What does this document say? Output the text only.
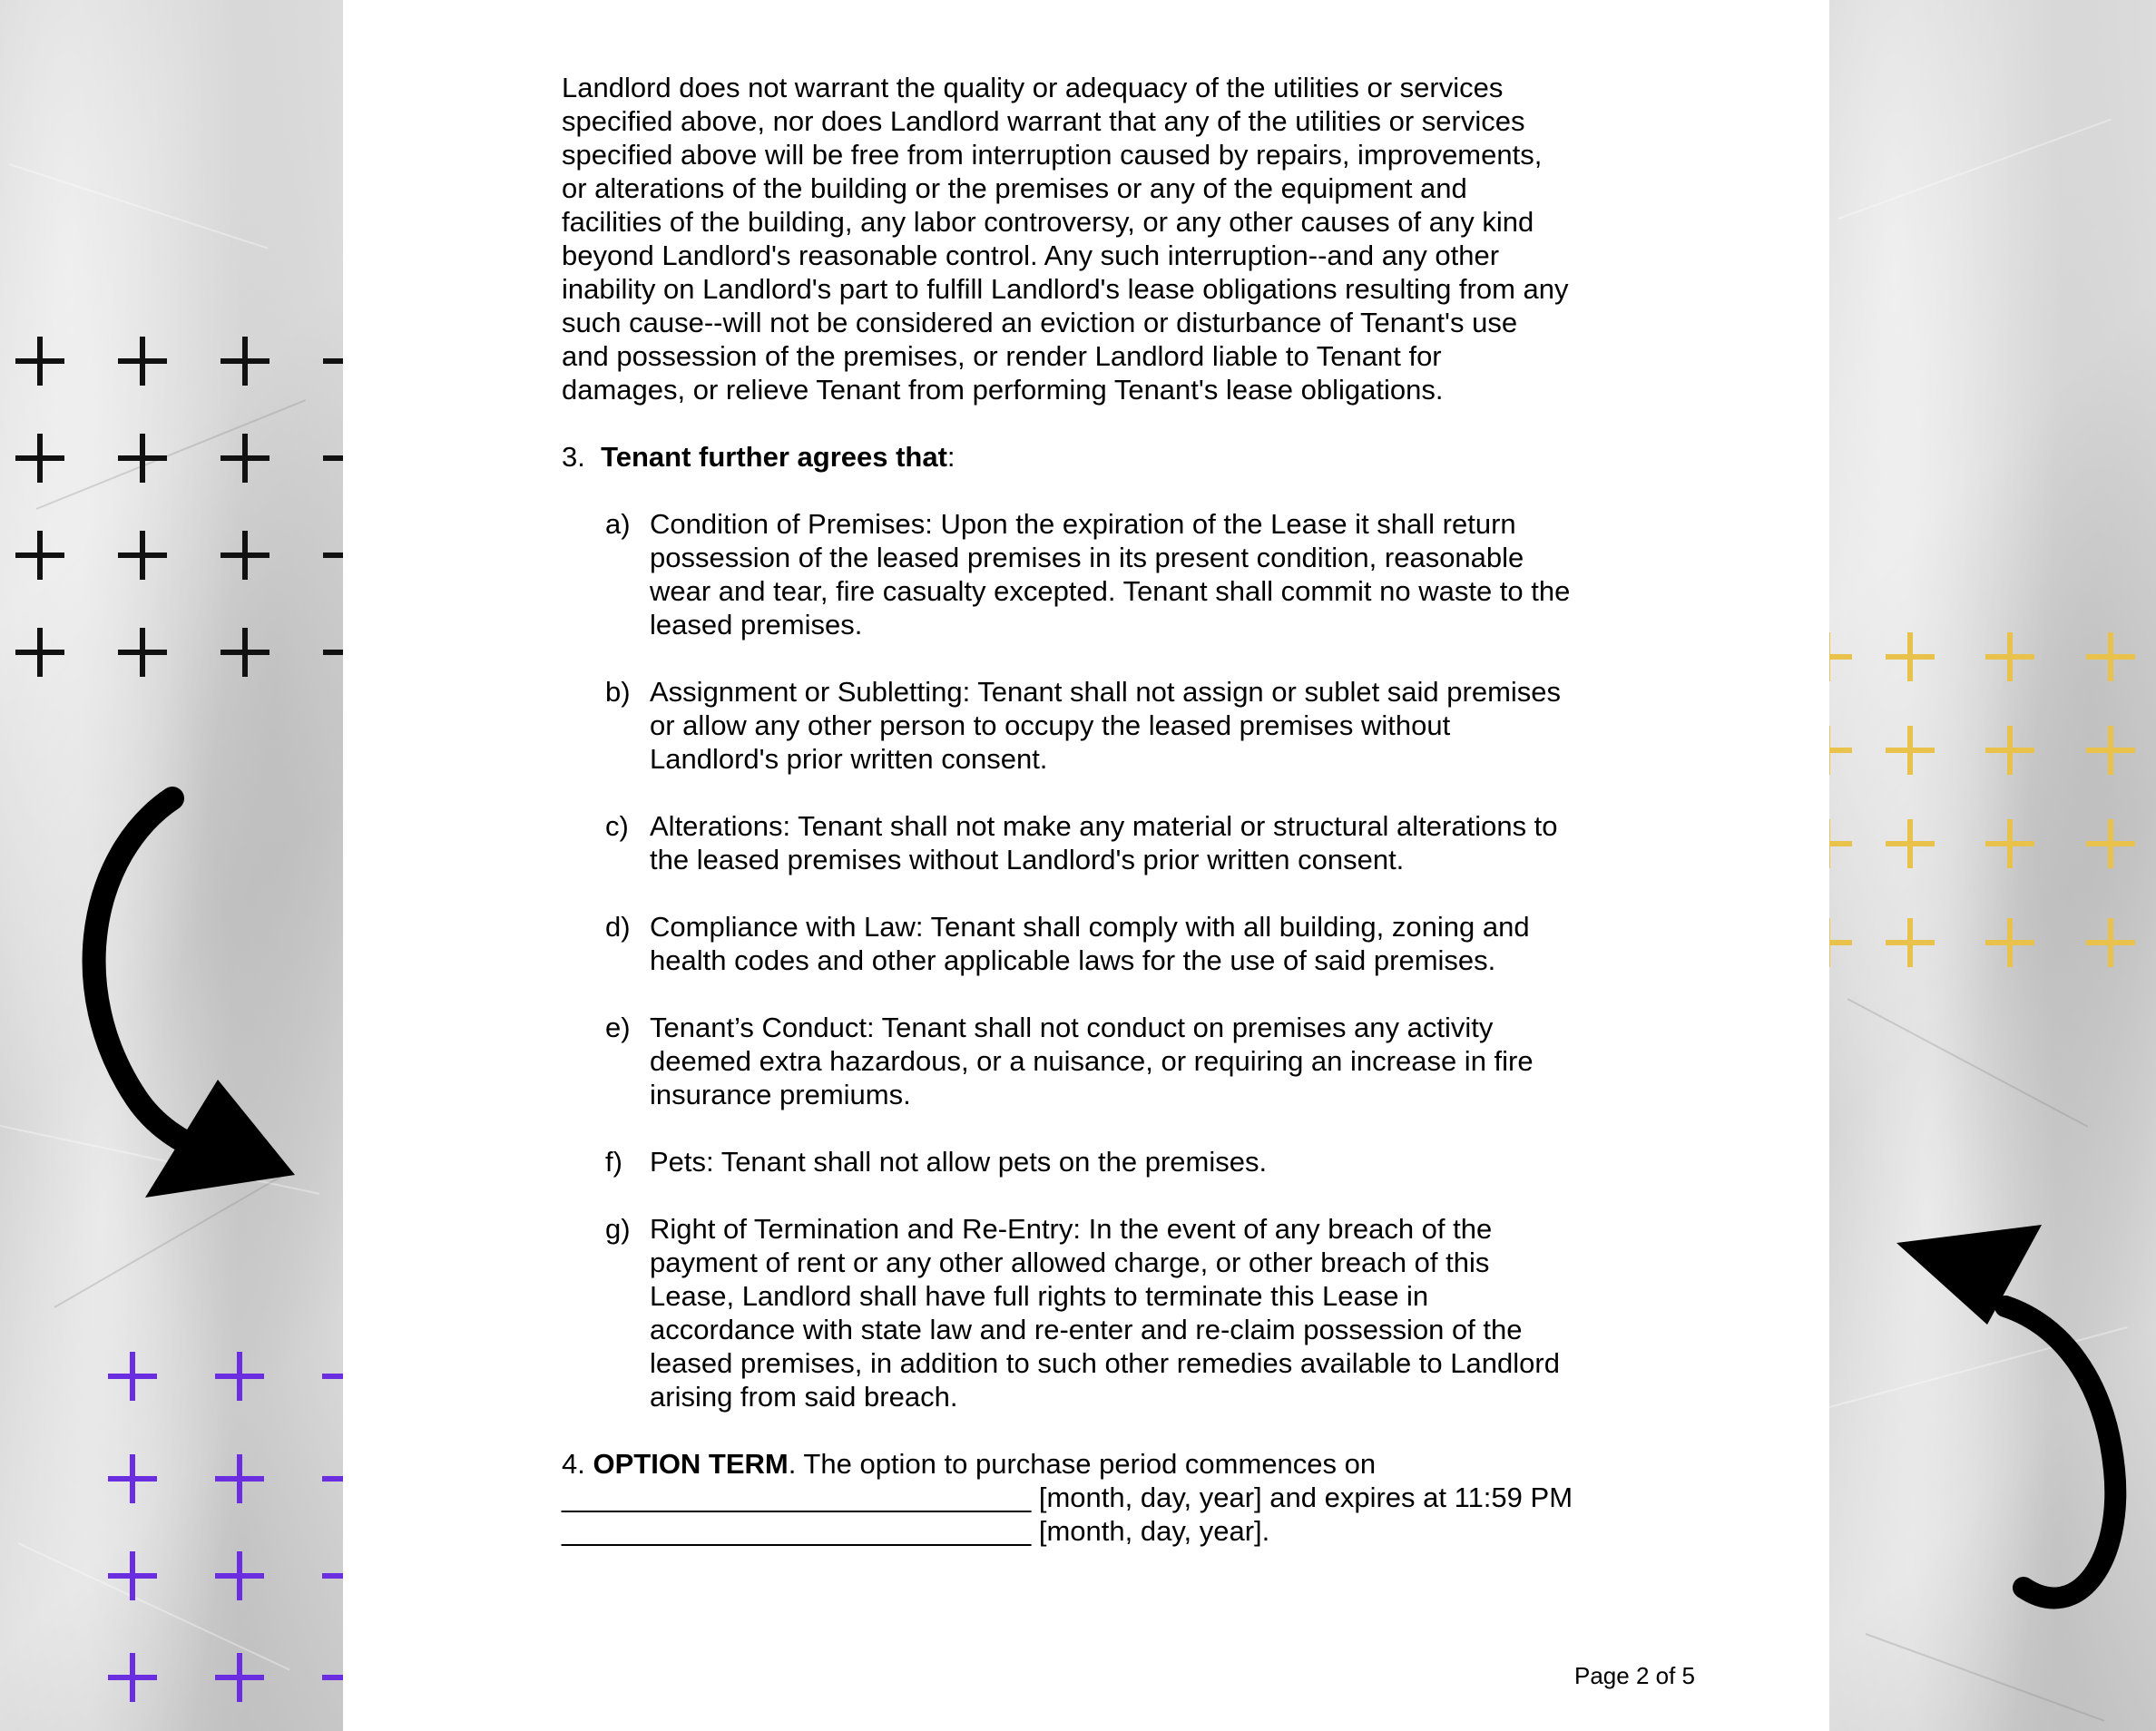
Landlord does not warrant the quality or adequacy of the utilities or services
specified above, nor does Landlord warrant that any of the utilities or services
specified above will be free from interruption caused by repairs, improvements,
or alterations of the building or the premises or any of the equipment and
facilities of the building, any labor controversy, or any other causes of any kind
beyond Landlord's reasonable control. Any such interruption--and any other
inability on Landlord's part to fulfill Landlord's lease obligations resulting from any
such cause--will not be considered an eviction or disturbance of Tenant's use
and possession of the premises, or render Landlord liable to Tenant for
damages, or relieve Tenant from performing Tenant's lease obligations.
3. Tenant further agrees that:
a) Condition of Premises: Upon the expiration of the Lease it shall return
possession of the leased premises in its present condition, reasonable
wear and tear, fire casualty excepted. Tenant shall commit no waste to the
leased premises.
b) Assignment or Subletting: Tenant shall not assign or sublet said premises
or allow any other person to occupy the leased premises without
Landlord's prior written consent.
c) Alterations: Tenant shall not make any material or structural alterations to
the leased premises without Landlord's prior written consent.
d) Compliance with Law: Tenant shall comply with all building, zoning and
health codes and other applicable laws for the use of said premises.
e) Tenant’s Conduct: Tenant shall not conduct on premises any activity
deemed extra hazardous, or a nuisance, or requiring an increase in fire
insurance premiums.
f) Pets: Tenant shall not allow pets on the premises.
g) Right of Termination and Re-Entry: In the event of any breach of the
payment of rent or any other allowed charge, or other breach of this
Lease, Landlord shall have full rights to terminate this Lease in
accordance with state law and re-enter and re-claim possession of the
leased premises, in addition to such other remedies available to Landlord
arising from said breach.
4. OPTION TERM. The option to purchase period commences on
______________________________ [month, day, year] and expires at 11:59 PM
______________________________ [month, day, year].
Page 2 of 5
